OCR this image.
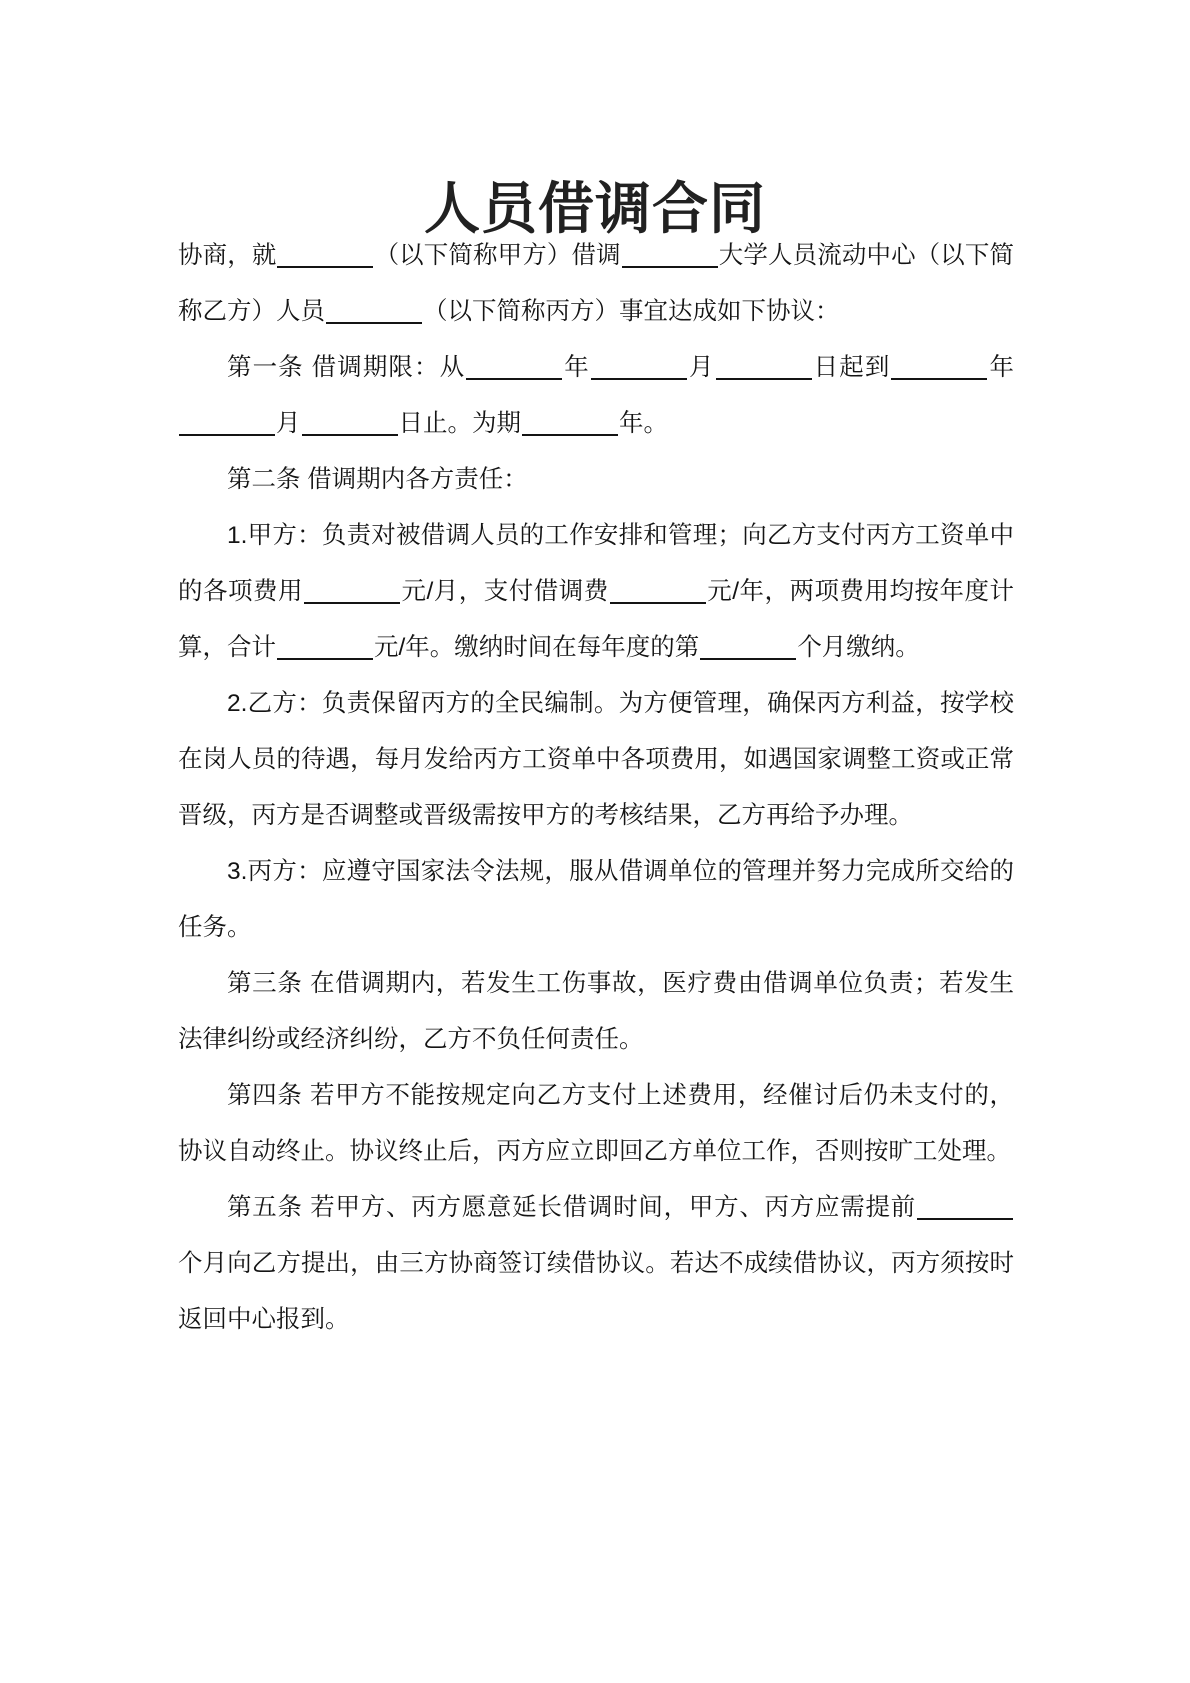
人员借调合同

协商，就	（以下简称甲方）借调	大学人员流动中心（以下简称乙方）人员	（以下简称丙方）事宜达成如下协议：

第一条 借调期限：从	年	月	日起到	年月	日止。为期	年。

第二条 借调期内各方责任：

1.甲方：负责对被借调人员的工作安排和管理；向乙方支付丙方工资单中的各项费用	元/月，支付借调费	元/年，两项费用均按年度计算，合计	元/年。缴纳时间在每年度的第	个月缴纳。

2.乙方：负责保留丙方的全民编制。为方便管理，确保丙方利益，按学校在岗人员的待遇，每月发给丙方工资单中各项费用，如遇国家调整工资或正常晋级，丙方是否调整或晋级需按甲方的考核结果，乙方再给予办理。

3.丙方：应遵守国家法令法规，服从借调单位的管理并努力完成所交给的任务。

第三条 在借调期内，若发生工伤事故，医疗费由借调单位负责；若发生法律纠纷或经济纠纷，乙方不负任何责任。

第四条 若甲方不能按规定向乙方支付上述费用，经催讨后仍未支付的，协议自动终止。协议终止后，丙方应立即回乙方单位工作，否则按旷工处理。

第五条 若甲方、丙方愿意延长借调时间，甲方、丙方应需提前个月向乙方提出，由三方协商签订续借协议。若达不成续借协议，丙方须按时返回中心报到。
